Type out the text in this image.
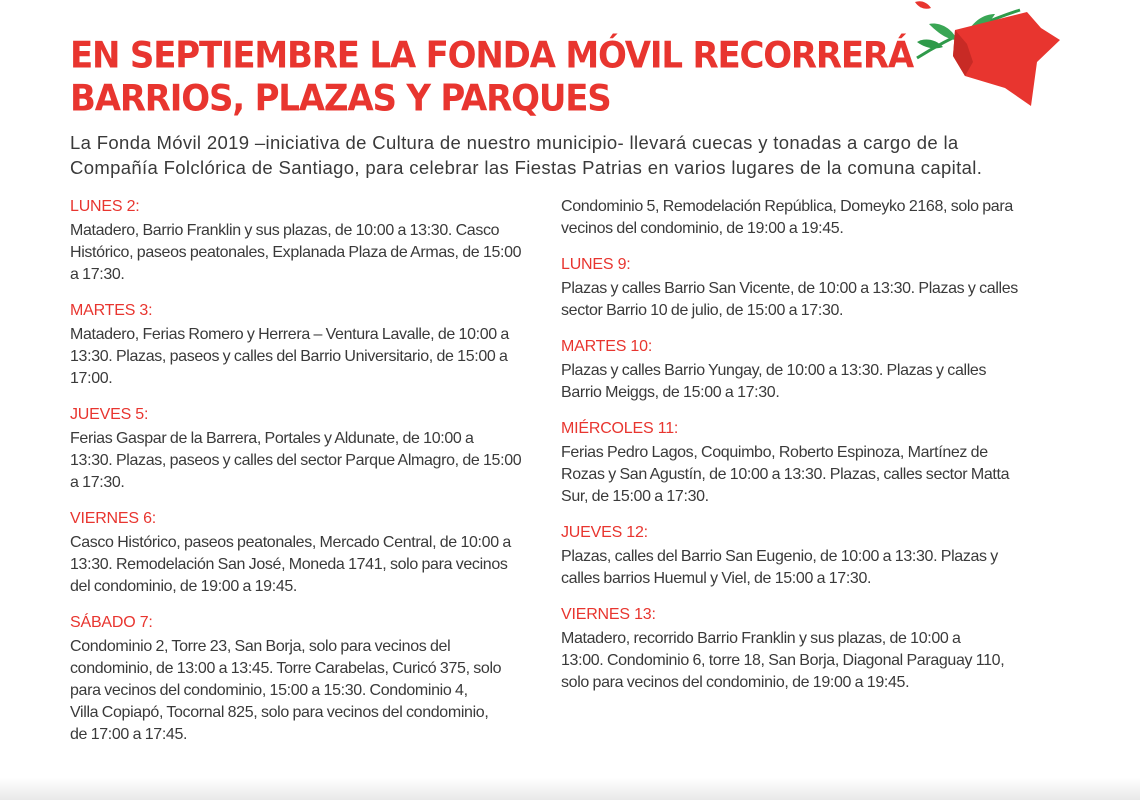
EN SEPTIEMBRE LA FONDA MÓVIL RECORRERÁ
BARRIOS, PLAZAS Y PARQUES
La Fonda Móvil 2019 –iniciativa de Cultura de nuestro municipio- llevará cuecas y tonadas a cargo de la
Compañía Folclórica de Santiago, para celebrar las Fiestas Patrias en varios lugares de la comuna capital.
LUNES 2:

Matadero, Barrio Franklin y sus plazas, de 10:00 a 13:30. Casco
Histórico, paseos peatonales, Explanada Plaza de Armas, de 15:00
a 17:30.

MARTES 3:

Matadero, Ferias Romero y Herrera – Ventura Lavalle, de 10:00 a
13:30. Plazas, paseos y calles del Barrio Universitario, de 15:00 a
17:00.

JUEVES 5:

Ferias Gaspar de la Barrera, Portales y Aldunate, de 10:00 a
13:30. Plazas, paseos y calles del sector Parque Almagro, de 15:00
a 17:30.

VIERNES 6:

Casco Histórico, paseos peatonales, Mercado Central, de 10:00 a
13:30. Remodelación San José, Moneda 1741, solo para vecinos
del condominio, de 19:00 a 19:45.

SÁBADO 7:

Condominio 2, Torre 23, San Borja, solo para vecinos del
condominio, de 13:00 a 13:45. Torre Carabelas, Curicó 375, solo
para vecinos del condominio, 15:00 a 15:30. Condominio 4,
Villa Copiapó, Tocornal 825, solo para vecinos del condominio,
de 17:00 a 17:45.

Condominio 5, Remodelación República, Domeyko 2168, solo para
vecinos del condominio, de 19:00 a 19:45.

LUNES 9:

Plazas y calles Barrio San Vicente, de 10:00 a 13:30. Plazas y calles
sector Barrio 10 de julio, de 15:00 a 17:30.

MARTES 10:

Plazas y calles Barrio Yungay, de 10:00 a 13:30. Plazas y calles
Barrio Meiggs, de 15:00 a 17:30.

MIÉRCOLES 11:

Ferias Pedro Lagos, Coquimbo, Roberto Espinoza, Martínez de
Rozas y San Agustín, de 10:00 a 13:30. Plazas, calles sector Matta
Sur, de 15:00 a 17:30.

JUEVES 12:

Plazas, calles del Barrio San Eugenio, de 10:00 a 13:30. Plazas y
calles barrios Huemul y Viel, de 15:00 a 17:30.

VIERNES 13:

Matadero, recorrido Barrio Franklin y sus plazas, de 10:00 a
13:00. Condominio 6, torre 18, San Borja, Diagonal Paraguay 110,
solo para vecinos del condominio, de 19:00 a 19:45.
